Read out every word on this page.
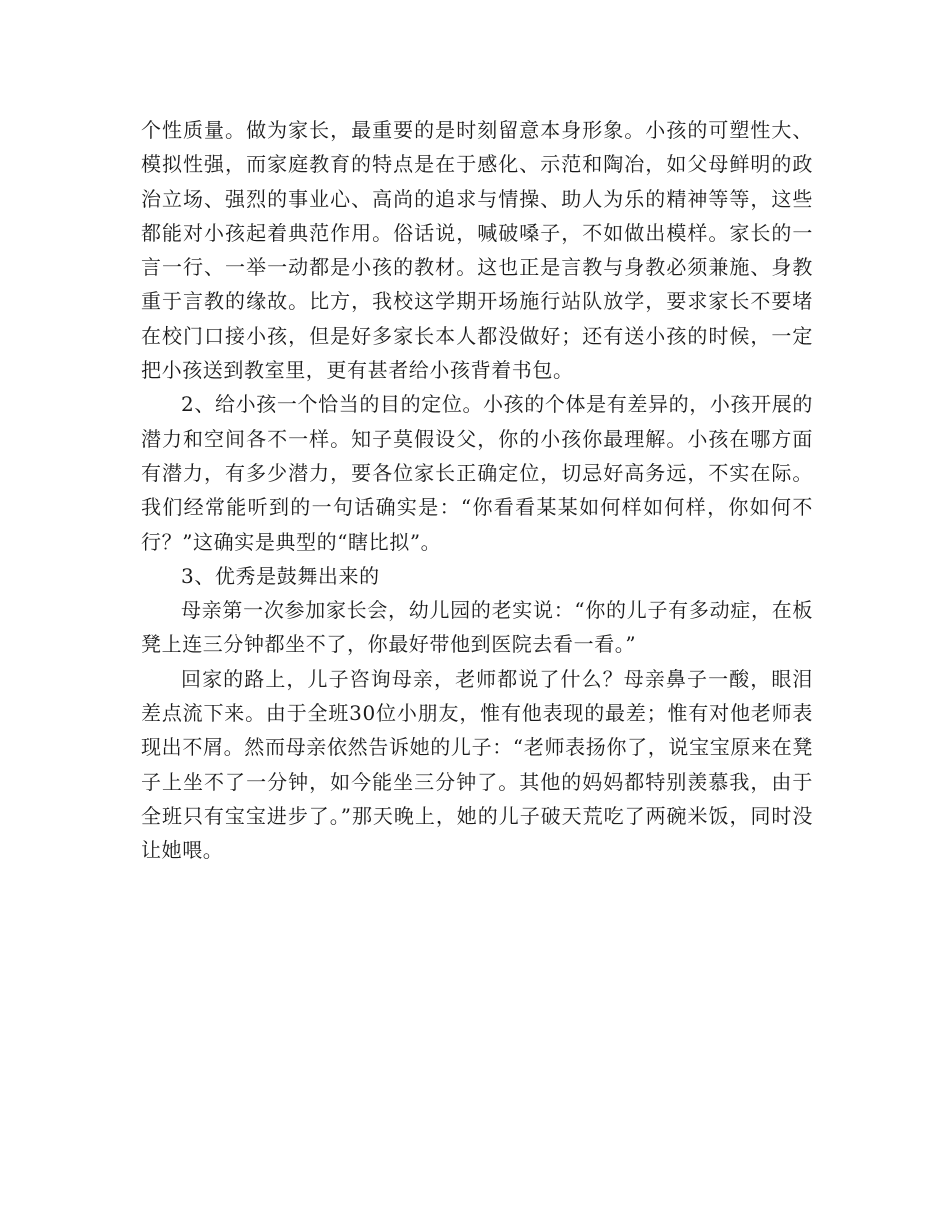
个性质量。做为家长，最重要的是时刻留意本身形象。小孩的可塑性大、模拟性强，而家庭教育的特点是在于感化、示范和陶冶，如父母鲜明的政治立场、强烈的事业心、高尚的追求与情操、助人为乐的精神等等，这些都能对小孩起着典范作用。俗话说，喊破嗓子，不如做出模样。家长的一言一行、一举一动都是小孩的教材。这也正是言教与身教必须兼施、身教重于言教的缘故。比方，我校这学期开场施行站队放学，要求家长不要堵在校门口接小孩，但是好多家长本人都没做好；还有送小孩的时候，一定把小孩送到教室里，更有甚者给小孩背着书包。

2、给小孩一个恰当的目的定位。小孩的个体是有差异的，小孩开展的潜力和空间各不一样。知子莫假设父，你的小孩你最理解。小孩在哪方面有潜力，有多少潜力，要各位家长正确定位，切忌好高务远，不实在际。我们经常能听到的一句话确实是：“你看看某某如何样如何样，你如何不行？”这确实是典型的“瞎比拟”。

3、优秀是鼓舞出来的

母亲第一次参加家长会，幼儿园的老实说：“你的儿子有多动症，在板凳上连三分钟都坐不了，你最好带他到医院去看一看。”

回家的路上，儿子咨询母亲，老师都说了什么？母亲鼻子一酸，眼泪差点流下来。由于全班30位小朋友，惟有他表现的最差；惟有对他老师表现出不屑。然而母亲依然告诉她的儿子：“老师表扬你了，说宝宝原来在凳子上坐不了一分钟，如今能坐三分钟了。其他的妈妈都特别羡慕我，由于全班只有宝宝进步了。”那天晚上，她的儿子破天荒吃了两碗米饭，同时没让她喂。
